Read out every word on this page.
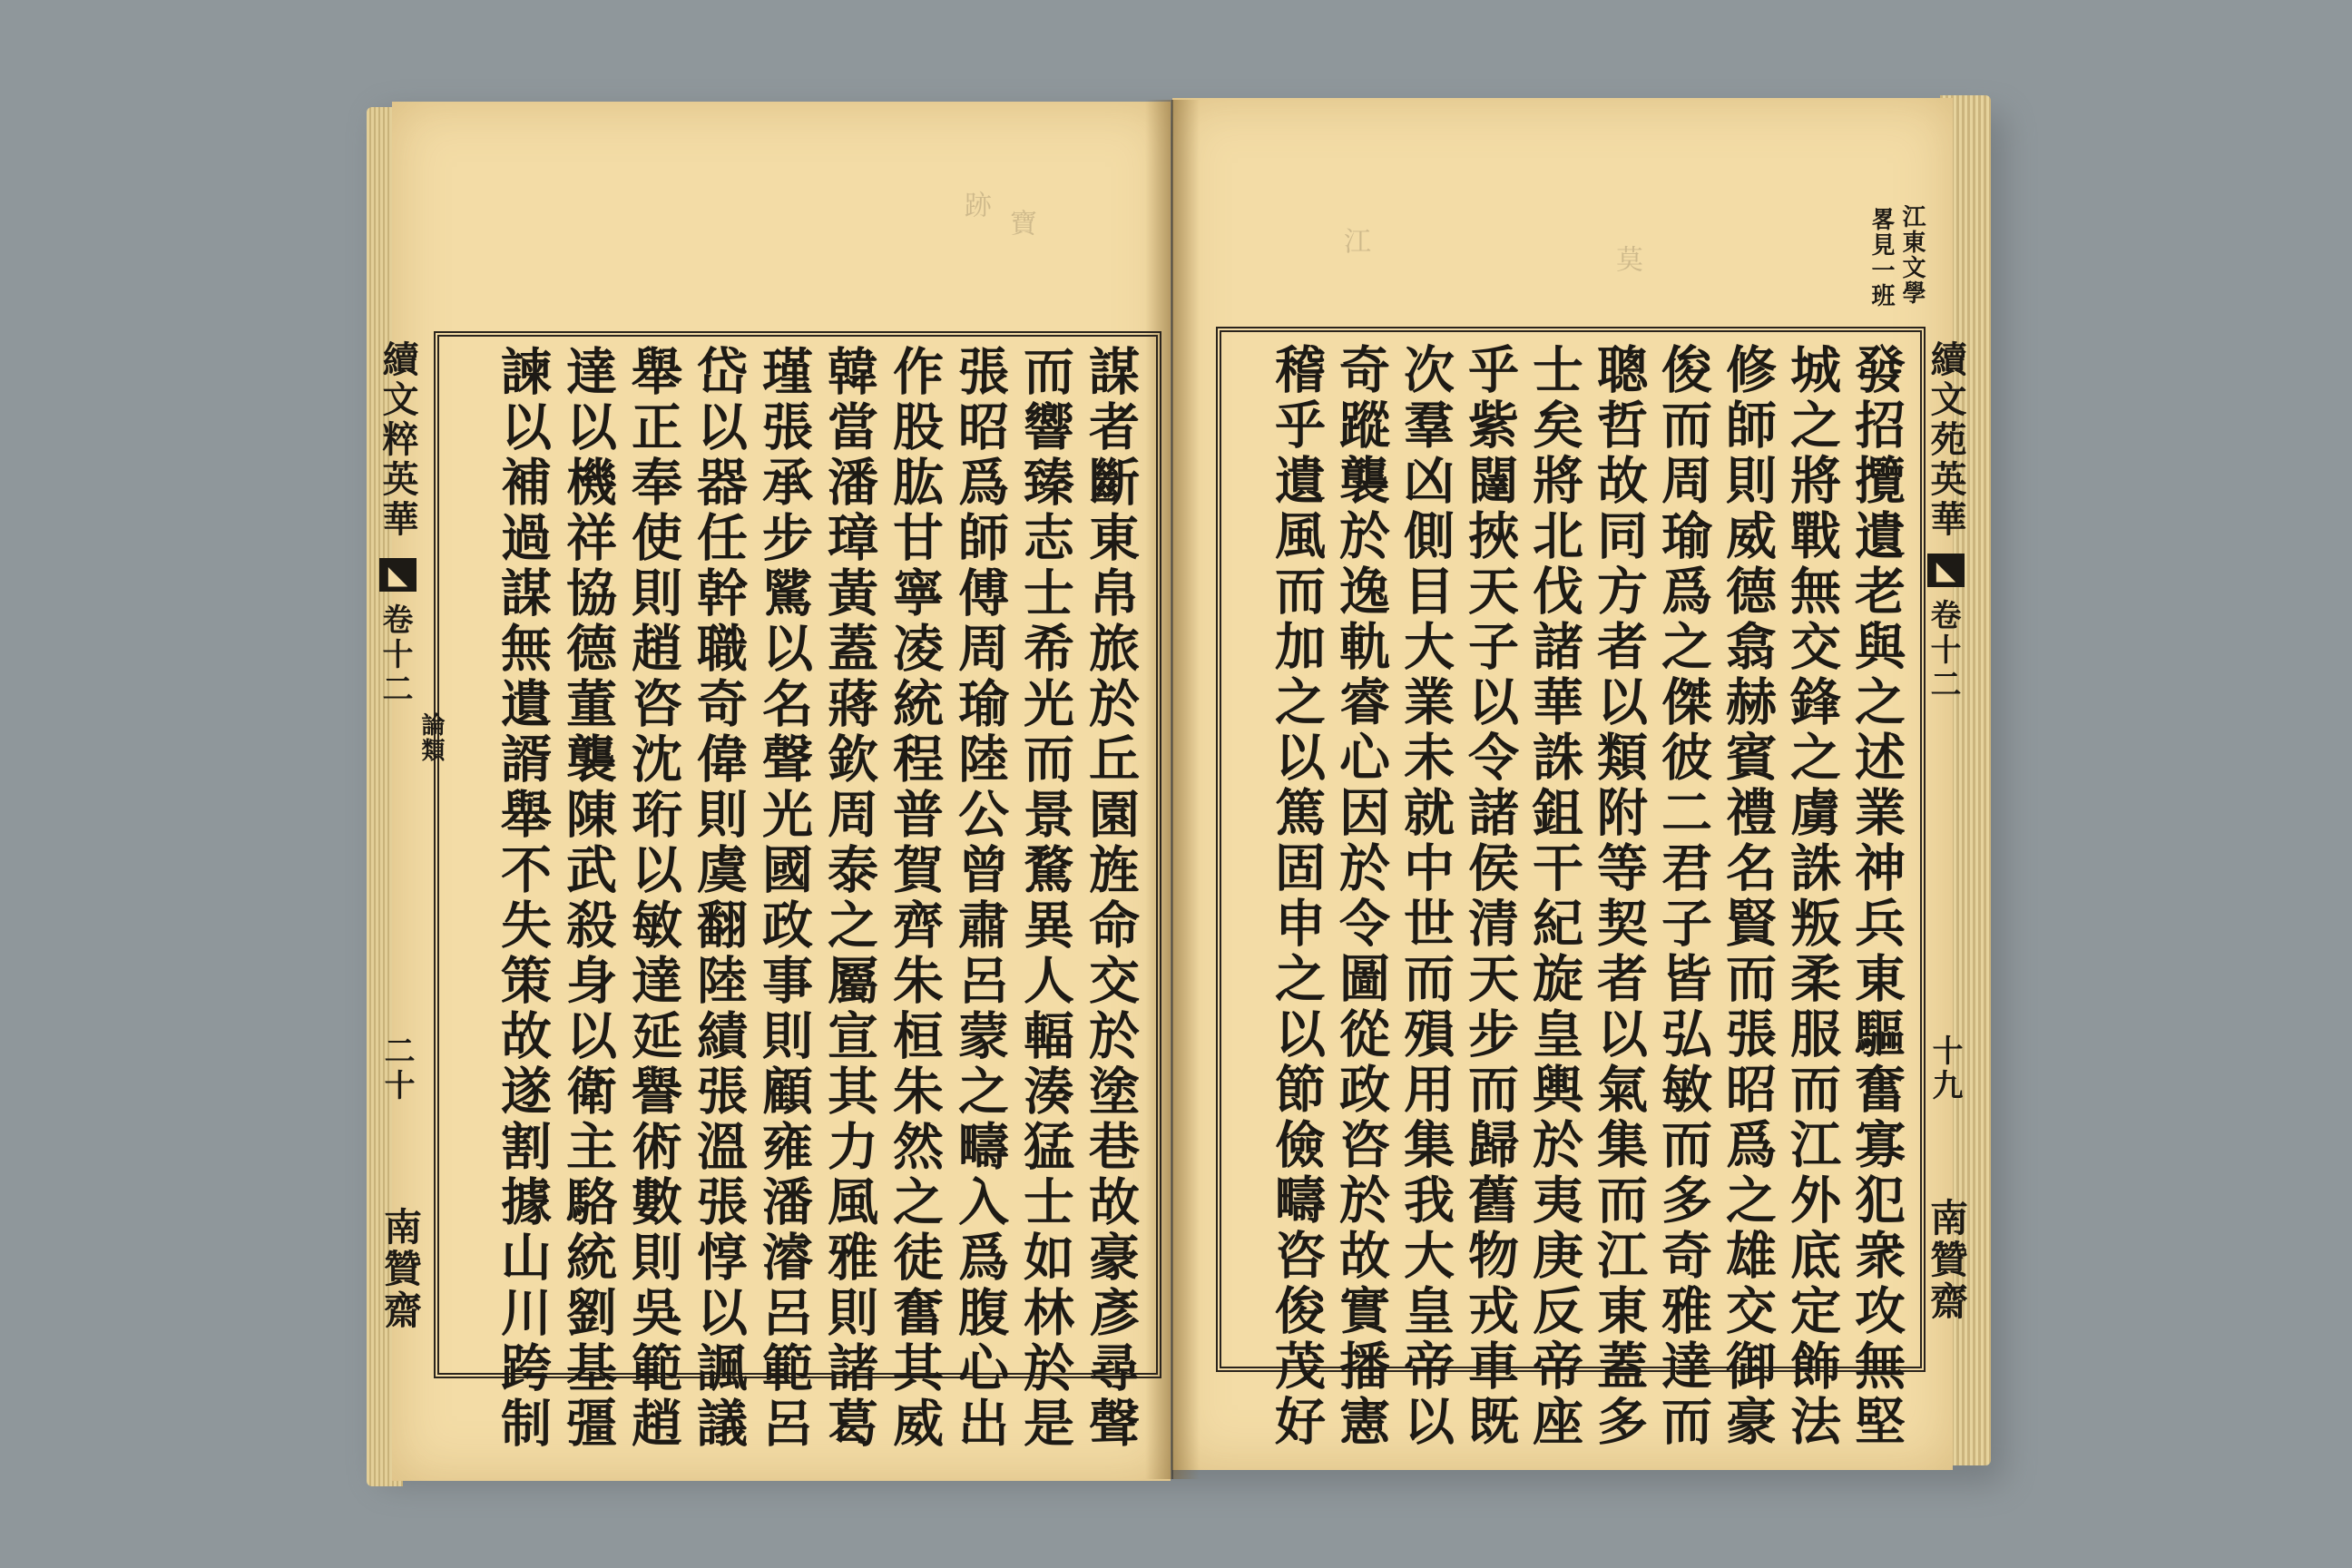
跡
寶
江
莫
續文粹英華
◣
卷十二
論類
二十
南贊齋	謀者斷東帛旅於丘園旌命交於塗巷故豪彥尋聲
而響臻志士希光而景騖異人輻湊猛士如林於是
張昭爲師傅周瑜陸公曾肅呂蒙之疇入爲腹心出
作股肱甘寧凌統程普賀齊朱桓朱然之徒奮其威
韓當潘璋黃蓋蔣欽周泰之屬宣其力風雅則諸葛
瑾張承步騭以名聲光國政事則顧雍潘濬呂範呂
岱以器任幹職奇偉則虞翻陸績張溫張惇以諷議
舉正奉使則趙咨沈珩以敏達延譽術數則吳範趙
達以機祥協德董襲陳武殺身以衛主駱統劉基彊
諫以補過謀無遺諝舉不失策故遂割據山川跨制
江東文學
畧見一班
續文苑英華
◣
卷十二
十九
南贊齋
發招攬遺老與之述業神兵東驅奮寡犯衆攻無堅
城之將戰無交鋒之虜誅叛柔服而江外底定飾法
修師則威德翕赫賓禮名賢而張昭爲之雄交御豪
俊而周瑜爲之傑彼二君子皆弘敏而多奇雅達而
聰哲故同方者以類附等契者以氣集而江東蓋多
士矣將北伐諸華誅鉏干紀旋皇輿於夷庚反帝座
乎紫闥挾天子以令諸侯清天步而歸舊物戎車既
次羣凶側目大業未就中世而殞用集我大皇帝以
奇蹤襲於逸軌睿心因於令圖從政咨於故實播憲
稽乎遺風而加之以篤固申之以節儉疇咨俊茂好
